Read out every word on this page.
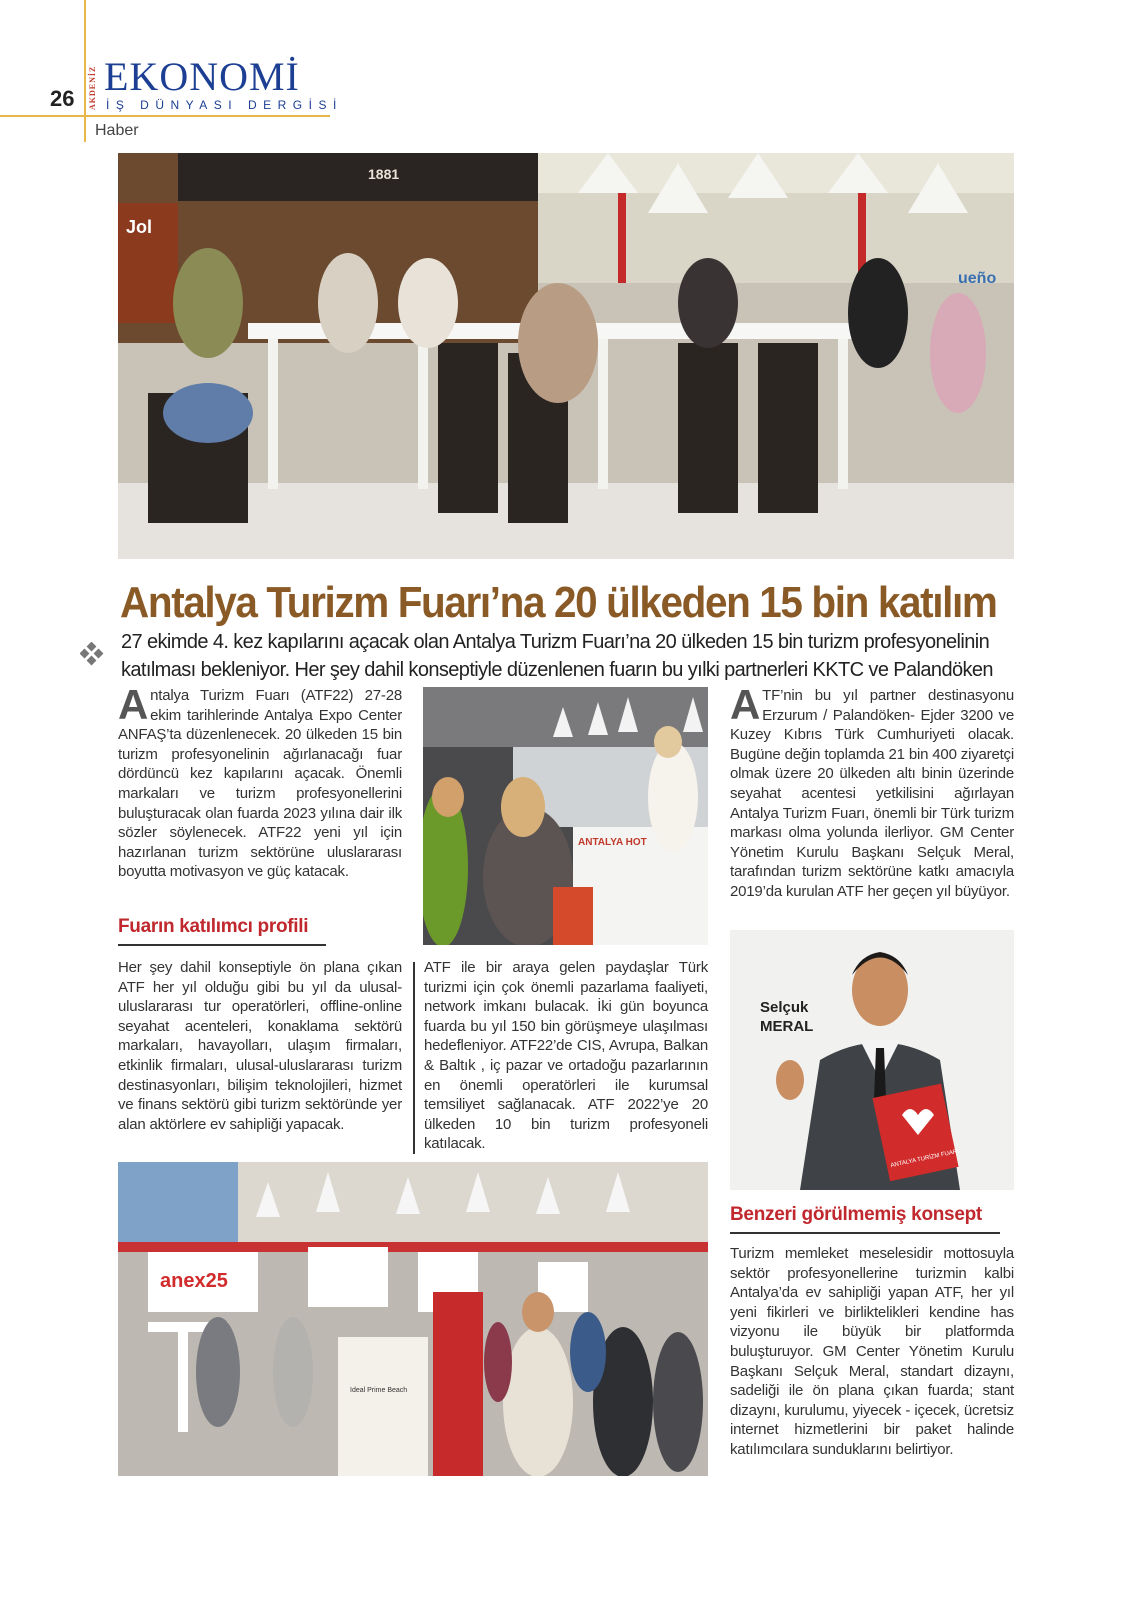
26 AKDENİZ EKONOMİ
İŞ DÜNYASI DERGİSİ
Haber
1881
Jol
ueño
Antalya Turizm Fuarı’na 20 ülkeden 15 bin katılım
27 ekimde 4. kez kapılarını açacak olan Antalya Turizm Fuarı’na 20 ülkeden 15 bin turizm profesyonelinin
katılması bekleniyor. Her şey dahil konseptiyle düzenlenen fuarın bu yılki partnerleri KKTC ve Palandöken
Antalya Turizm Fuarı (ATF22) 27-28 ekim tarihlerinde Antalya Expo Center ANFAŞ’ta düzenlenecek. 20 ülkeden 15 bin turizm profesyonelinin ağırlanacağı fuar dördüncü kez kapılarını açacak. Önemli markaları ve turizm profesyonellerini buluşturacak olan fuarda 2023 yılına dair ilk sözler söylenecek. ATF22 yeni yıl için hazırlanan turizm sektörüne uluslararası boyutta motivasyon ve güç katacak.
Fuarın katılımcı profili
ANTALYA HOT
Her şey dahil konseptiyle ön plana çıkan ATF her yıl olduğu gibi bu yıl da ulusal-uluslararası tur operatörleri, offline-online seyahat acenteleri, konaklama sektörü markaları, havayolları, ulaşım firmaları, etkinlik firmaları, ulusal-uluslararası turizm destinasyonları, bilişim teknolojileri, hizmet ve finans sektörü gibi turizm sektöründe yer alan aktörlere ev sahipliği yapacak.
ATF ile bir araya gelen paydaşlar Türk turizmi için çok önemli pazarlama faaliyeti, network imkanı bulacak. İki gün boyunca fuarda bu yıl 150 bin görüşmeye ulaşılması hedefleniyor. ATF22’de CIS, Avrupa, Balkan & Baltık , iç pazar ve ortadoğu pazarlarının en önemli operatörleri ile kurumsal temsiliyet sağlanacak. ATF 2022’ye 20 ülkeden 10 bin turizm profesyoneli katılacak.
ATF’nin bu yıl partner destinasyonu Erzurum / Palandöken- Ejder 3200 ve Kuzey Kıbrıs Türk Cumhuriyeti olacak. Bugüne değin toplamda 21 bin 400 ziyaretçi olmak üzere 20 ülkeden altı binin üzerinde seyahat acentesi yetkilisini ağırlayan Antalya Turizm Fuarı, önemli bir Türk turizm markası olma yolunda ilerliyor. GM Center Yönetim Kurulu Başkanı Selçuk Meral, tarafından turizm sektörüne katkı amacıyla 2019’da kurulan ATF her geçen yıl büyüyor.
ANTALYA TURİZM FUARI
Selçuk
MERAL
Benzeri görülmemiş konsept
Turizm memleket meselesidir mottosuyla sektör profesyonellerine turizmin kalbi Antalya’da ev sahipliği yapan ATF, her yıl yeni fikirleri ve birliktelikleri kendine has vizyonu ile büyük bir platformda buluşturuyor. GM Center Yönetim Kurulu Başkanı Selçuk Meral, standart dizaynı, sadeliği ile ön plana çıkan fuarda; stant dizaynı, kurulumu, yiyecek - içecek, ücretsiz internet hizmetlerini bir paket halinde katılımcılara sunduklarını belirtiyor.
anex25
Ideal Prime Beach
